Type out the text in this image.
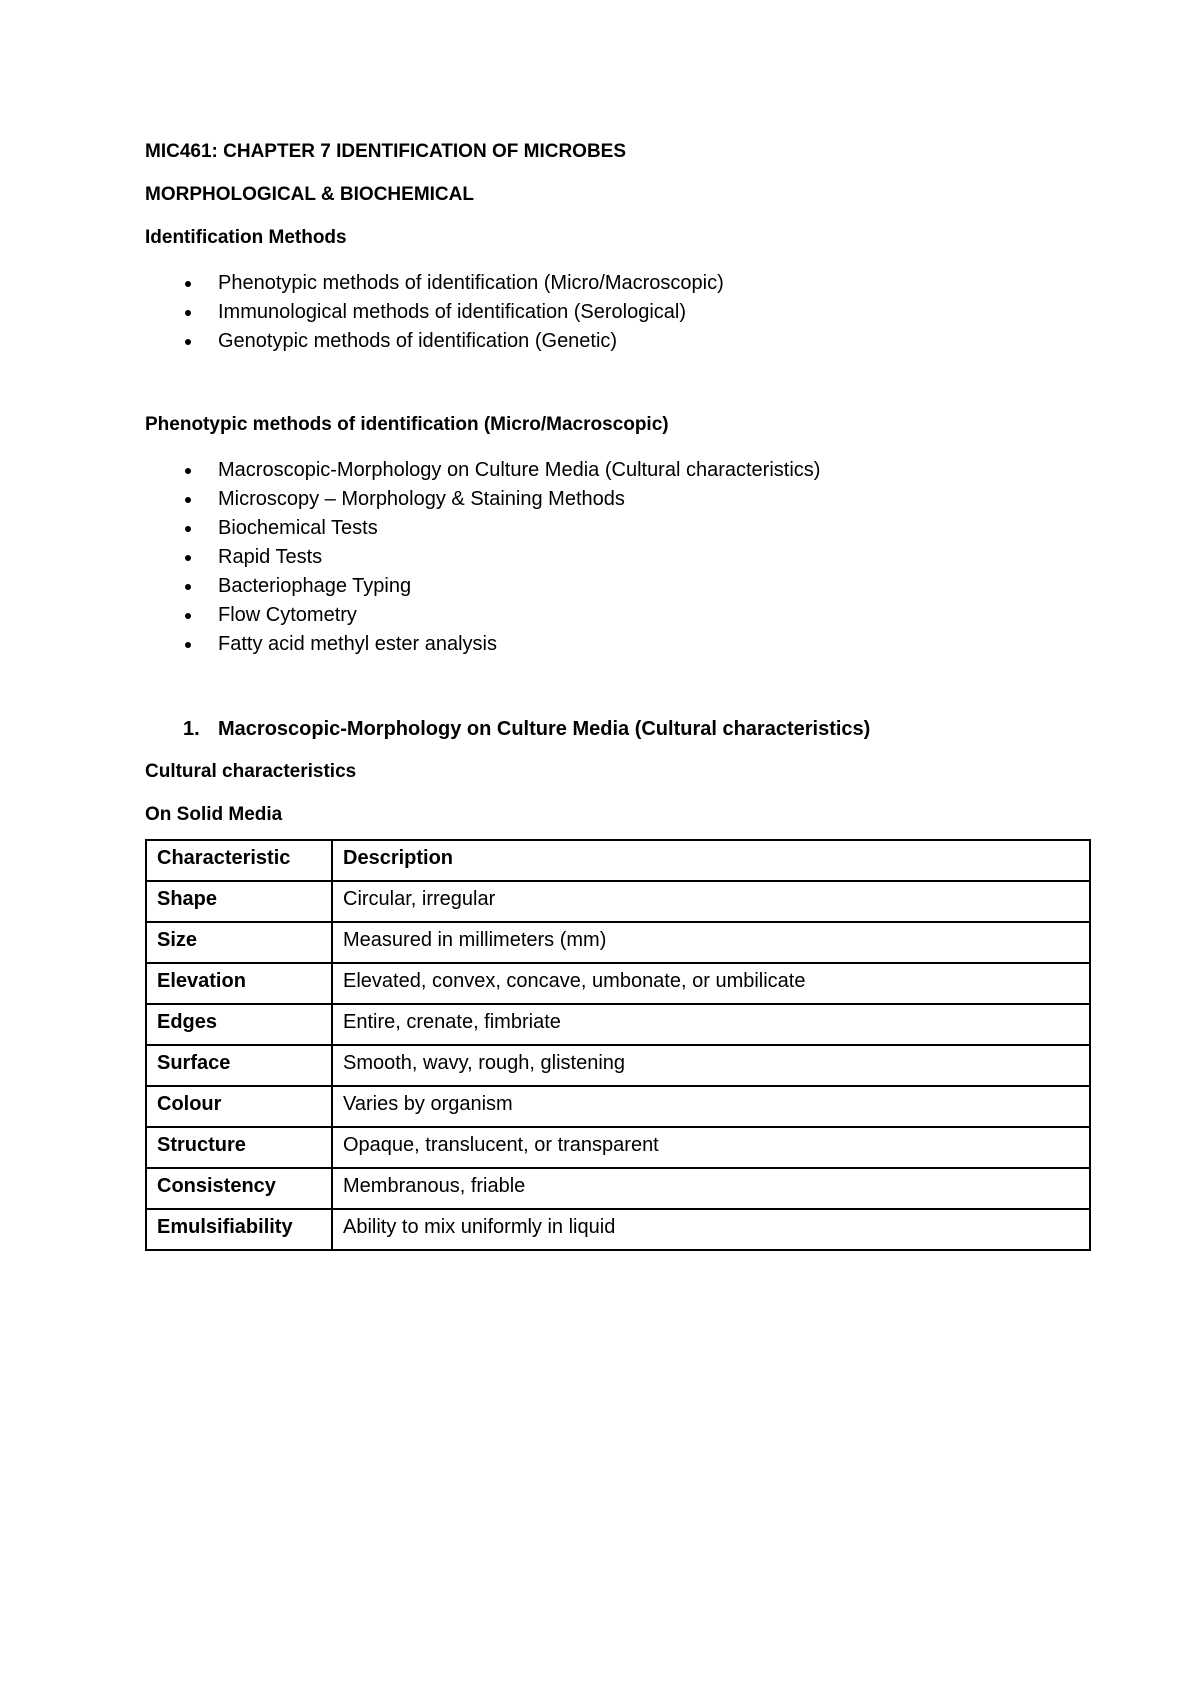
MIC461: CHAPTER 7 IDENTIFICATION OF MICROBES
MORPHOLOGICAL & BIOCHEMICAL
Identification Methods
Phenotypic methods of identification (Micro/Macroscopic)
Immunological methods of identification (Serological)
Genotypic methods of identification (Genetic)
Phenotypic methods of identification (Micro/Macroscopic)
Macroscopic-Morphology on Culture Media (Cultural characteristics)
Microscopy – Morphology & Staining Methods
Biochemical Tests
Rapid Tests
Bacteriophage Typing
Flow Cytometry
Fatty acid methyl ester analysis
1. Macroscopic-Morphology on Culture Media (Cultural characteristics)
Cultural characteristics
On Solid Media
Characteristic	Description
Shape	Circular, irregular
Size	Measured in millimeters (mm)
Elevation	Elevated, convex, concave, umbonate, or umbilicate
Edges	Entire, crenate, fimbriate
Surface	Smooth, wavy, rough, glistening
Colour	Varies by organism
Structure	Opaque, translucent, or transparent
Consistency	Membranous, friable
Emulsifiability	Ability to mix uniformly in liquid
